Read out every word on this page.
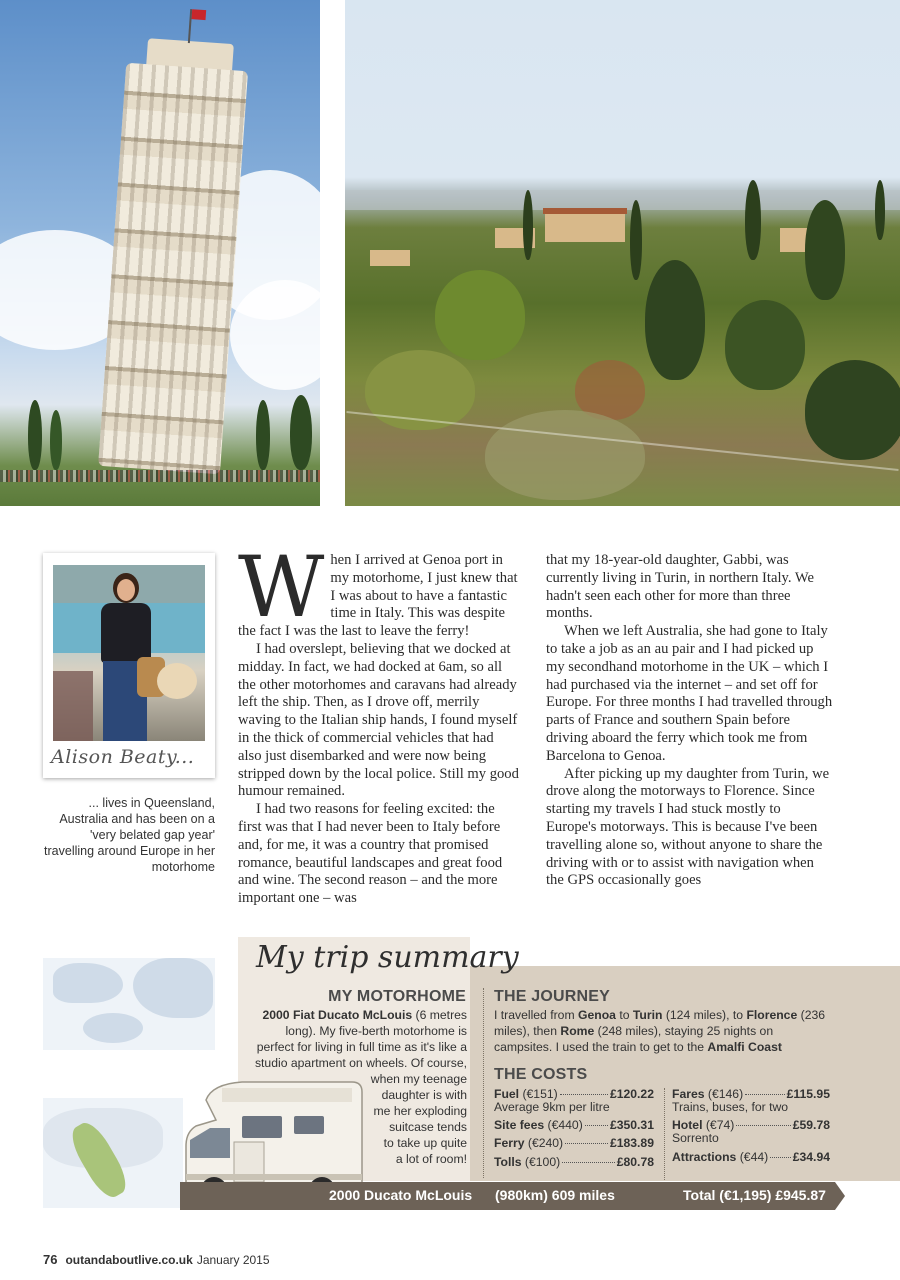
Alison Beaty...
... lives in Queensland, Australia and has been on a 'very belated gap year' travelling around Europe in her motorhome

When I arrived at Genoa port in my motorhome, I just knew that I was about to have a fantastic time in Italy. This was despite the fact I was the last to leave the ferry!

I had overslept, believing that we docked at midday. In fact, we had docked at 6am, so all the other motorhomes and caravans had already left the ship. Then, as I drove off, merrily waving to the Italian ship hands, I found myself in the thick of commercial vehicles that had also just disembarked and were now being stripped down by the local police. Still my good humour remained.

I had two reasons for feeling excited: the first was that I had never been to Italy before and, for me, it was a country that promised romance, beautiful landscapes and great food and wine. The second reason – and the more important one – was

that my 18-year-old daughter, Gabbi, was currently living in Turin, in northern Italy. We hadn't seen each other for more than three months.

When we left Australia, she had gone to Italy to take a job as an au pair and I had picked up my secondhand motorhome in the UK – which I had purchased via the internet – and set off for Europe. For three months I had travelled through parts of France and southern Spain before driving aboard the ferry which took me from Barcelona to Genoa.

After picking up my daughter from Turin, we drove along the motorways to Florence. Since starting my travels I had stuck mostly to Europe's motorways. This is because I've been travelling alone so, without anyone to share the driving with or to assist with navigation when the GPS occasionally goes

My trip summary
MY MOTORHOME
2000 Fiat Ducato McLouis (6 metres
long). My five-berth motorhome is
perfect for living in full time as it's like a
studio apartment on wheels. Of course,
when my teenage
daughter is with
me her exploding
suitcase tends
to take up quite
a lot of room!
THE JOURNEY
I travelled from Genoa to Turin (124 miles), to Florence (236 miles), then Rome (248 miles), staying 25 nights on campsites. I used the train to get to the Amalfi Coast
THE COSTS
Fuel (€151)	£120.22
Average 9km per litre
Site fees (€440) £350.31
Ferry (€240)	£183.89
Tolls (€100)	£80.78
Fares (€146)	£115.95
Trains, buses, for two
Hotel (€74)	£59.78
Sorrento
Attractions (€44) £34.94
2000 Ducato McLouis (980km) 609 miles	Total (€1,195) £945.87
76 outandaboutlive.co.uk January 2015
